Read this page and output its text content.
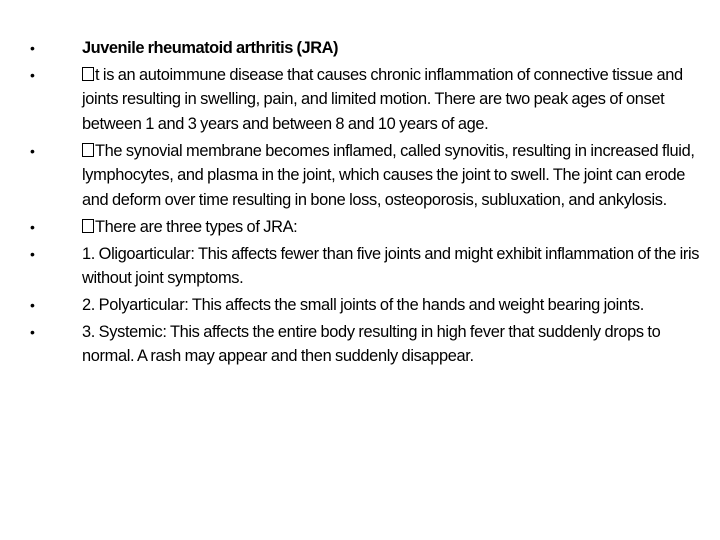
•	Juvenile rheumatoid arthritis (JRA)
•	t is an autoimmune disease that causes chronic inflammation of connective tissue and joints resulting in swelling, pain, and limited motion. There are two peak ages of onset between 1 and 3 years and between 8 and 10 years of age.
•	The synovial membrane becomes inflamed, called synovitis, resulting in increased fluid, lymphocytes, and plasma in the joint, which causes the joint to swell. The joint can erode and deform over time resulting in bone loss, osteoporosis, subluxation, and ankylosis.
•	There are three types of JRA:
•	1. Oligoarticular: This affects fewer than five joints and might exhibit inflammation of the iris without joint symptoms.
•	2. Polyarticular: This affects the small joints of the hands and weight bearing joints.
•	3. Systemic: This affects the entire body resulting in high fever that suddenly drops to normal. A rash may appear and then suddenly disappear.
